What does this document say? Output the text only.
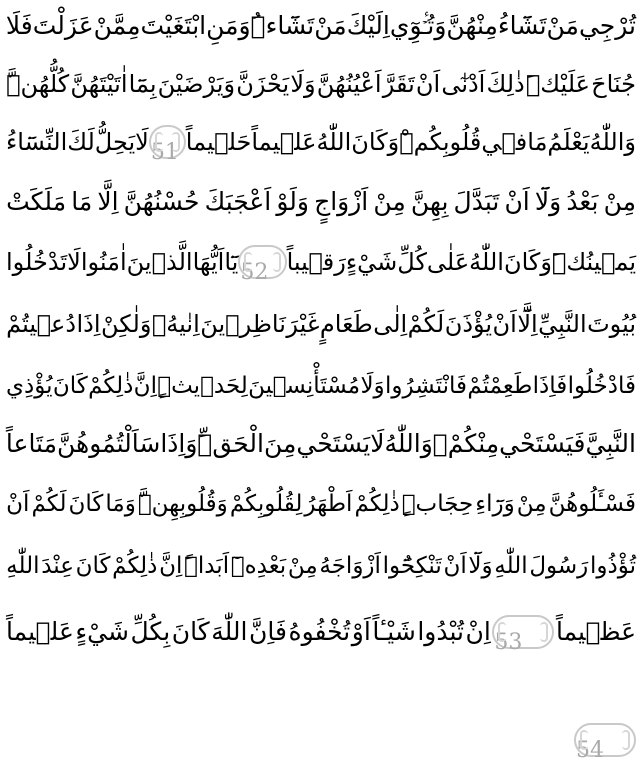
تُرْجِي
مَنْ
تَشَٓاءُ
مِنْهُنَّ
وَتُـٔۡوِٓي
اِلَيْكَ
مَنْ
تَشَٓاءُۜ
وَمَنِ
ابْتَغَيْتَ
مِمَّنْ
عَزَلْتَ
فَلَا
جُنَاحَ
عَلَيْكَۜ
ذٰلِكَ
اَدْنٰٓى
اَنْ
تَقَرَّ
اَعْيُنُهُنَّ
وَلَا
يَحْزَنَّ
وَيَرْضَيْنَ
بِمَٓا
اٰتَيْتَهُنَّ
كُلُّهُنَّۜ
وَاللّٰهُ
يَعْلَمُ
مَا
ف۪ي
قُلُوبِكُمْۜ
وَكَانَ
اللّٰهُ
عَل۪يماً
حَل۪يماً
51
لَا
يَحِلُّ
لَكَ
النِّسَٓاءُ
مِنْ
بَعْدُ
وَلَٓا
اَنْ
تَبَدَّلَ
بِهِنَّ
مِنْ
اَزْوَاجٍ
وَلَوْ
اَعْجَبَكَ
حُسْنُهُنَّ
اِلَّا
مَا
مَلَكَتْ
يَم۪ينُكَۜ
وَكَانَ
اللّٰهُ
عَلٰى
كُلِّ
شَيْءٍ
رَق۪يباً
52
يَٓا
اَيُّهَا
الَّذ۪ينَ
اٰمَنُوا
لَا
تَدْخُلُوا
بُيُوتَ
النَّبِيِّ
اِلَّٓا
اَنْ
يُؤْذَنَ
لَكُمْ
اِلٰى
طَعَامٍ
غَيْرَ
نَاظِر۪ينَ
اِنٰيهُۙ
وَلٰكِنْ
اِذَا
دُع۪يتُمْ
فَادْخُلُوا
فَاِذَا
طَعِمْتُمْ
فَانْتَشِرُوا
وَلَا
مُسْتَأْنِس۪ينَ
لِحَد۪يثٍۜ
اِنَّ
ذٰلِكُمْ
كَانَ
يُؤْذِي
النَّبِيَّ
فَيَسْتَحْي
مِنْكُمْۘ
وَاللّٰهُ
لَا
يَسْتَحْي
مِنَ
الْحَقِّۜ
وَاِذَا
سَاَلْتُمُوهُنَّ
مَتَاعاً
فَسْـَٔلُوهُنَّ
مِنْ
وَرَٓاءِ
حِجَابٍۜ
ذٰلِكُمْ
اَطْهَرُ
لِقُلُوبِكُمْ
وَقُلُوبِهِنَّۜ
وَمَا
كَانَ
لَكُمْ
اَنْ
تُؤْذُوا
رَسُولَ
اللّٰهِ
وَلَٓا
اَنْ
تَنْكِحُٓوا
اَزْوَاجَهُ
مِنْ
بَعْدِه۪ٓ
اَبَداًۜ
اِنَّ
ذٰلِكُمْ
كَانَ
عِنْدَ
اللّٰهِ
عَظ۪يماً
53
اِنْ
تُبْدُوا
شَيْـٔاً
اَوْ
تُخْفُوهُ
فَاِنَّ
اللّٰهَ
كَانَ
بِكُلِّ
شَيْءٍ
عَل۪يماً
54
